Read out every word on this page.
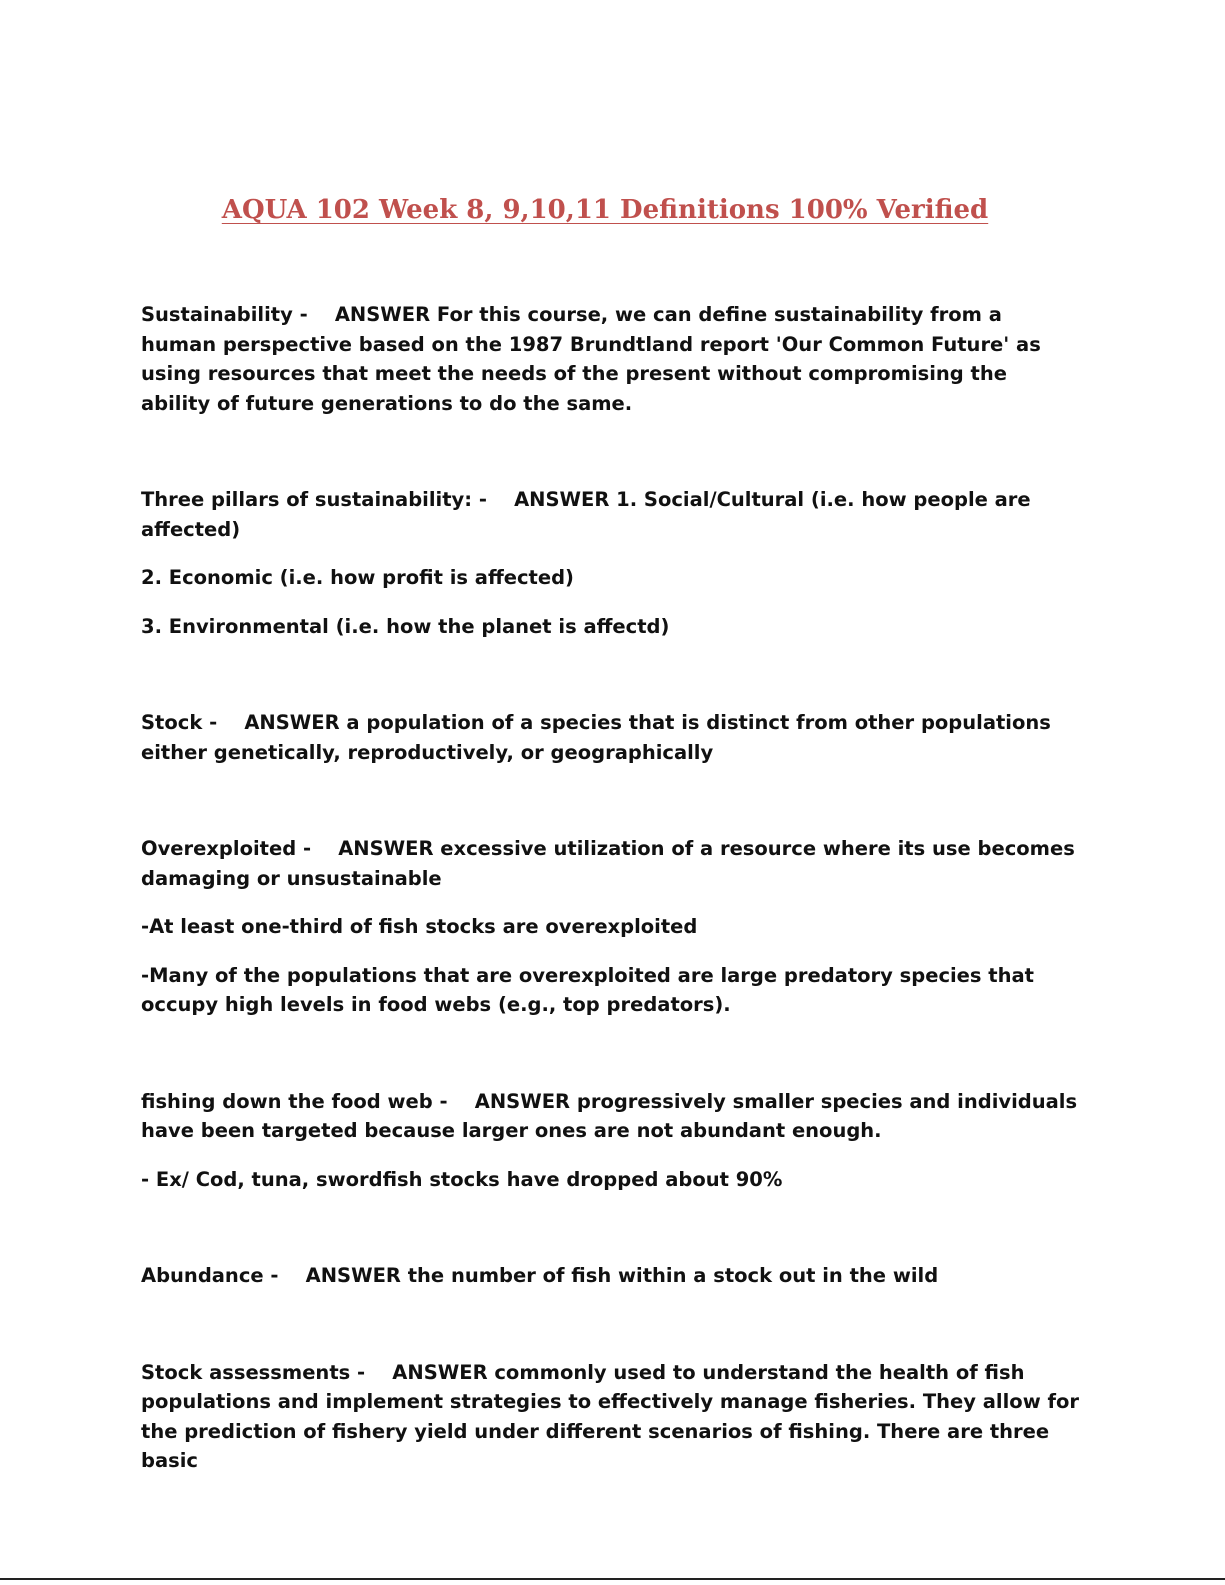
AQUA 102 Week 8, 9,10,11 Definitions 100% Verified

Sustainability -    ANSWER For this course, we can define sustainability from a human perspective based on the 1987 Brundtland report 'Our Common Future' as using resources that meet the needs of the present without compromising the ability of future generations to do the same.

Three pillars of sustainability: -    ANSWER 1. Social/Cultural (i.e. how people are affected)

2. Economic (i.e. how profit is affected)

3. Environmental (i.e. how the planet is affectd)

Stock -    ANSWER a population of a species that is distinct from other populations either genetically, reproductively, or geographically

Overexploited -    ANSWER excessive utilization of a resource where its use becomes damaging or unsustainable

-At least one-third of fish stocks are overexploited

-Many of the populations that are overexploited are large predatory species that occupy high levels in food webs (e.g., top predators).

fishing down the food web -    ANSWER progressively smaller species and individuals have been targeted because larger ones are not abundant enough.

- Ex/ Cod, tuna, swordfish stocks have dropped about 90%

Abundance -    ANSWER the number of fish within a stock out in the wild

Stock assessments -    ANSWER commonly used to understand the health of fish populations and implement strategies to effectively manage fisheries. They allow for the prediction of fishery yield under different scenarios of fishing. There are three basic
